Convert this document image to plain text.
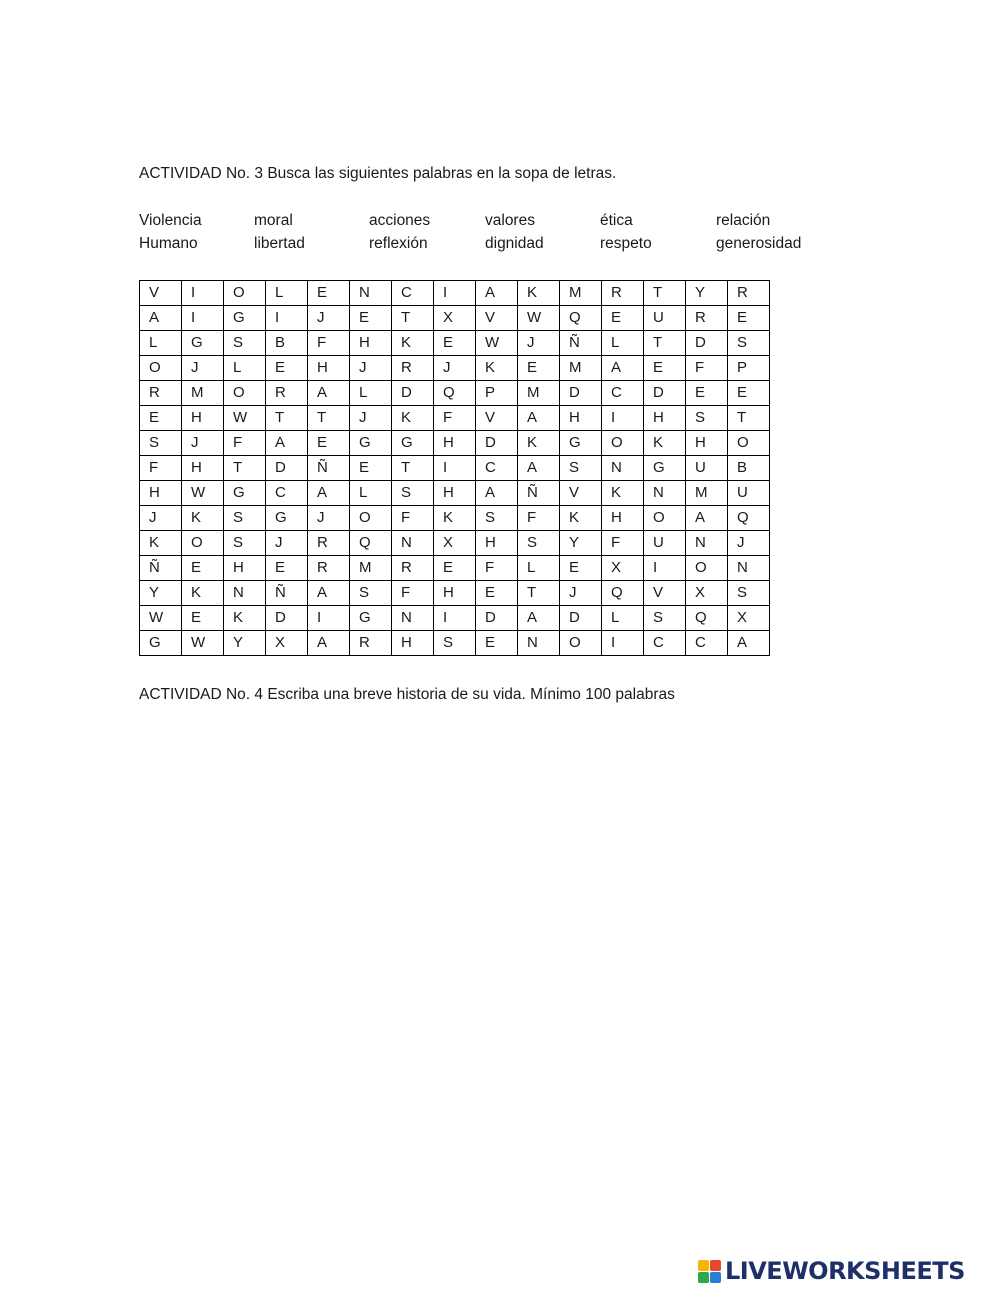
ACTIVIDAD No. 3 Busca las siguientes palabras en la sopa de letras.
Violencia	moral	acciones	valores	ética	relación
Humano	libertad	reflexión	dignidad	respeto	generosidad
V	I	O	L	E	N	C	I	A	K	M	R	T	Y	R
A	I	G	I	J	E	T	X	V	W	Q	E	U	R	E
L	G	S	B	F	H	K	E	W	J	Ñ	L	T	D	S
O	J	L	E	H	J	R	J	K	E	M	A	E	F	P
R	M	O	R	A	L	D	Q	P	M	D	C	D	E	E
E	H	W	T	T	J	K	F	V	A	H	I	H	S	T
S	J	F	A	E	G	G	H	D	K	G	O	K	H	O
F	H	T	D	Ñ	E	T	I	C	A	S	N	G	U	B
H	W	G	C	A	L	S	H	A	Ñ	V	K	N	M	U
J	K	S	G	J	O	F	K	S	F	K	H	O	A	Q
K	O	S	J	R	Q	N	X	H	S	Y	F	U	N	J
Ñ	E	H	E	R	M	R	E	F	L	E	X	I	O	N
Y	K	N	Ñ	A	S	F	H	E	T	J	Q	V	X	S
W	E	K	D	I	G	N	I	D	A	D	L	S	Q	X
G	W	Y	X	A	R	H	S	E	N	O	I	C	C	A
ACTIVIDAD No. 4 Escriba una breve historia de su vida. Mínimo 100 palabras
LIVEWORKSHEETS
